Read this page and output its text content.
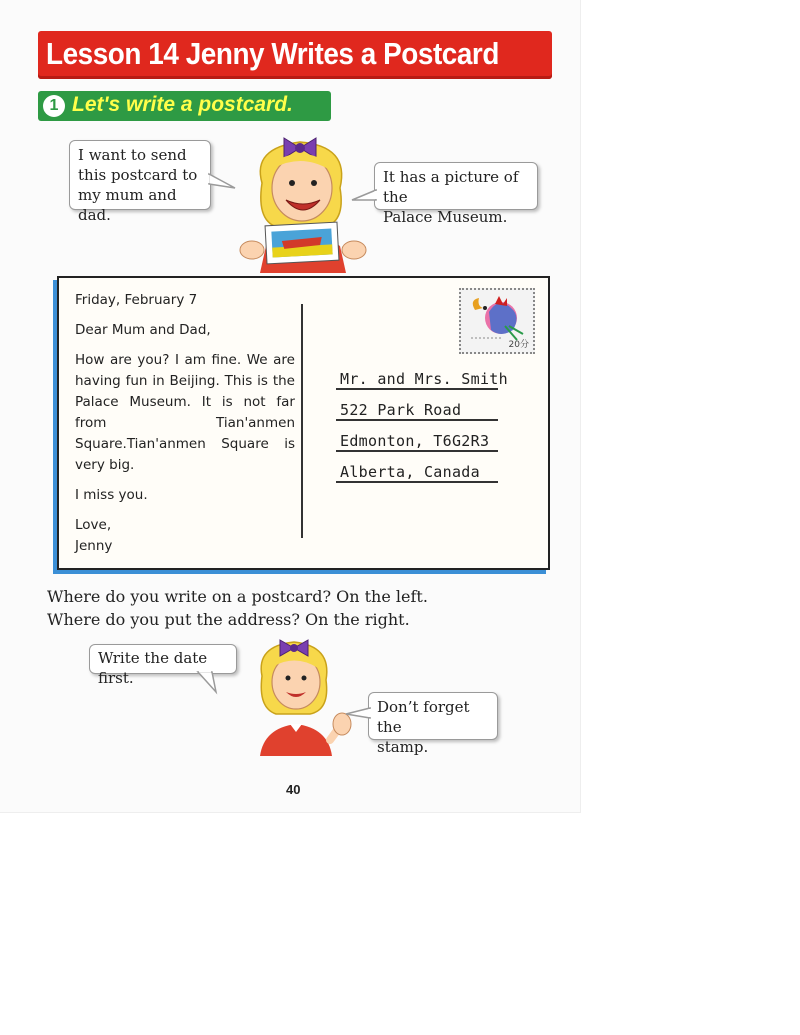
Lesson 14 Jenny Writes a Postcard
1 Let's write a postcard.
I want to send
this postcard to
my mum and dad.
It has a picture of the
Palace Museum.
Friday, February 7
Dear Mum and Dad,
How are you? I am fine. We are having fun in Beijing. This is the Palace Museum. It is not far from Tian'anmen Square.Tian'anmen Square is very big.
I miss you.
Love,
Jenny
20分
Mr. and Mrs. Smith
522 Park Road
Edmonton, T6G2R3
Alberta, Canada
Where do you write on a postcard? On the left.
Where do you put the address? On the right.
Write the date first.
Don’t forget the
stamp.
40
